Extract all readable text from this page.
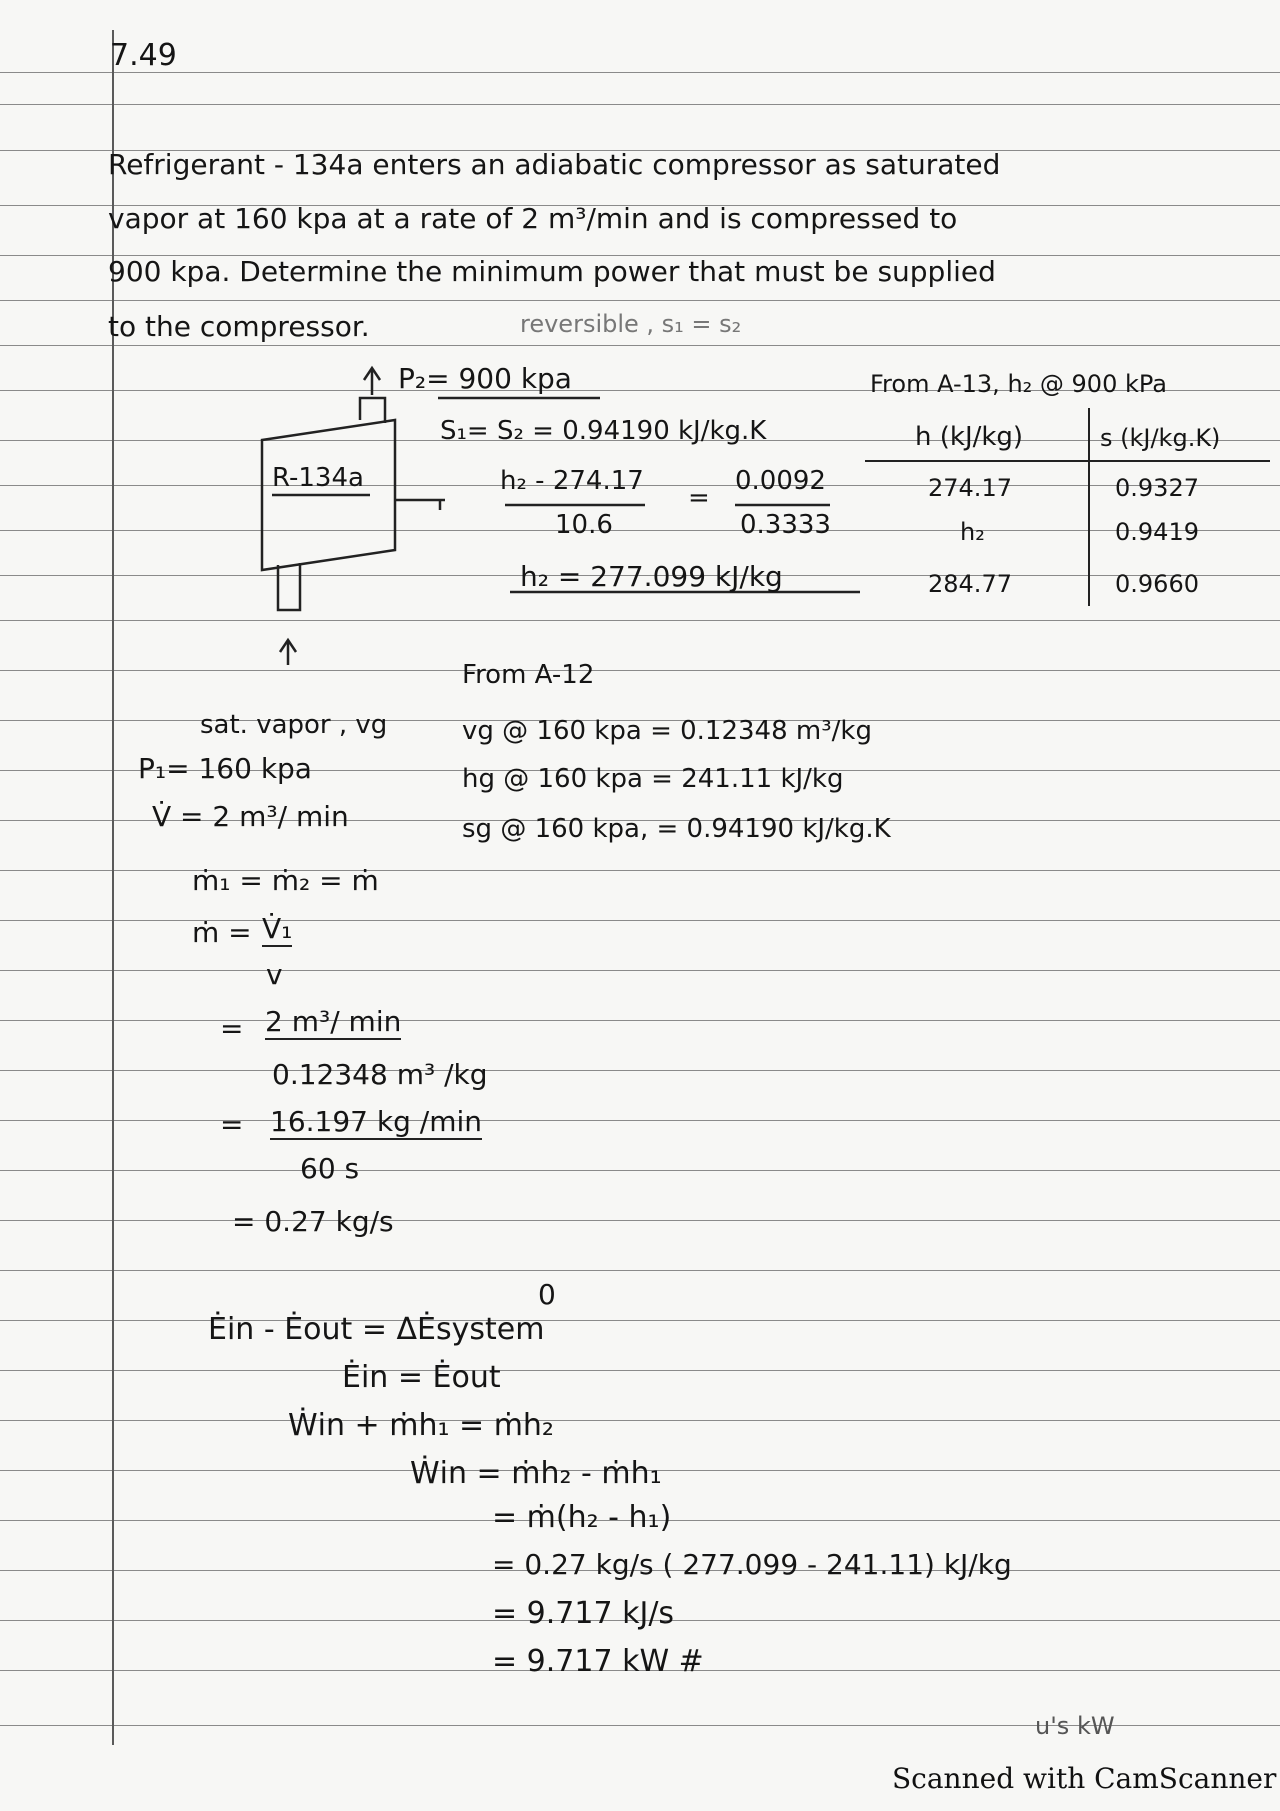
7.49
Refrigerant - 134a enters an adiabatic compressor as saturated
vapor at 160 kpa at a rate of 2 m³/min and is compressed to
900 kpa. Determine the minimum power that must be supplied
to the compressor.	reversible , s₁ = s₂
R-134a
P₂= 900 kpa
S₁= S₂ = 0.94190 kJ/kg.K
h₂ - 274.17
10.6
=
0.0092
0.3333
h₂ = 277.099 kJ/kg
From A-13, h₂ @ 900 kPa
h (kJ/kg)	s (kJ/kg.K)
274.17	0.9327
h₂	0.9419
284.77	0.9660
sat. vapor , vg
P₁= 160 kpa
V̇ = 2 m³/ min
From A-12
vg @ 160 kpa = 0.12348 m³/kg
hg @ 160 kpa = 241.11 kJ/kg
sg @ 160 kpa, = 0.94190 kJ/kg.K
ṁ₁ = ṁ₂ = ṁ
ṁ = V̇₁
v
= 2 m³/ min
0.12348 m³ /kg
= 16.197 kg /min
60 s
= 0.27 kg/s
0
Ėin - Ėout = ΔĖsystem
Ėin = Ėout
Ẇin + ṁh₁ = ṁh₂
Ẇin = ṁh₂ - ṁh₁
= ṁ(h₂ - h₁)
= 0.27 kg/s ( 277.099 - 241.11) kJ/kg
= 9.717 kJ/s
= 9.717 kW #
u's kW
Scanned with CamScanner
